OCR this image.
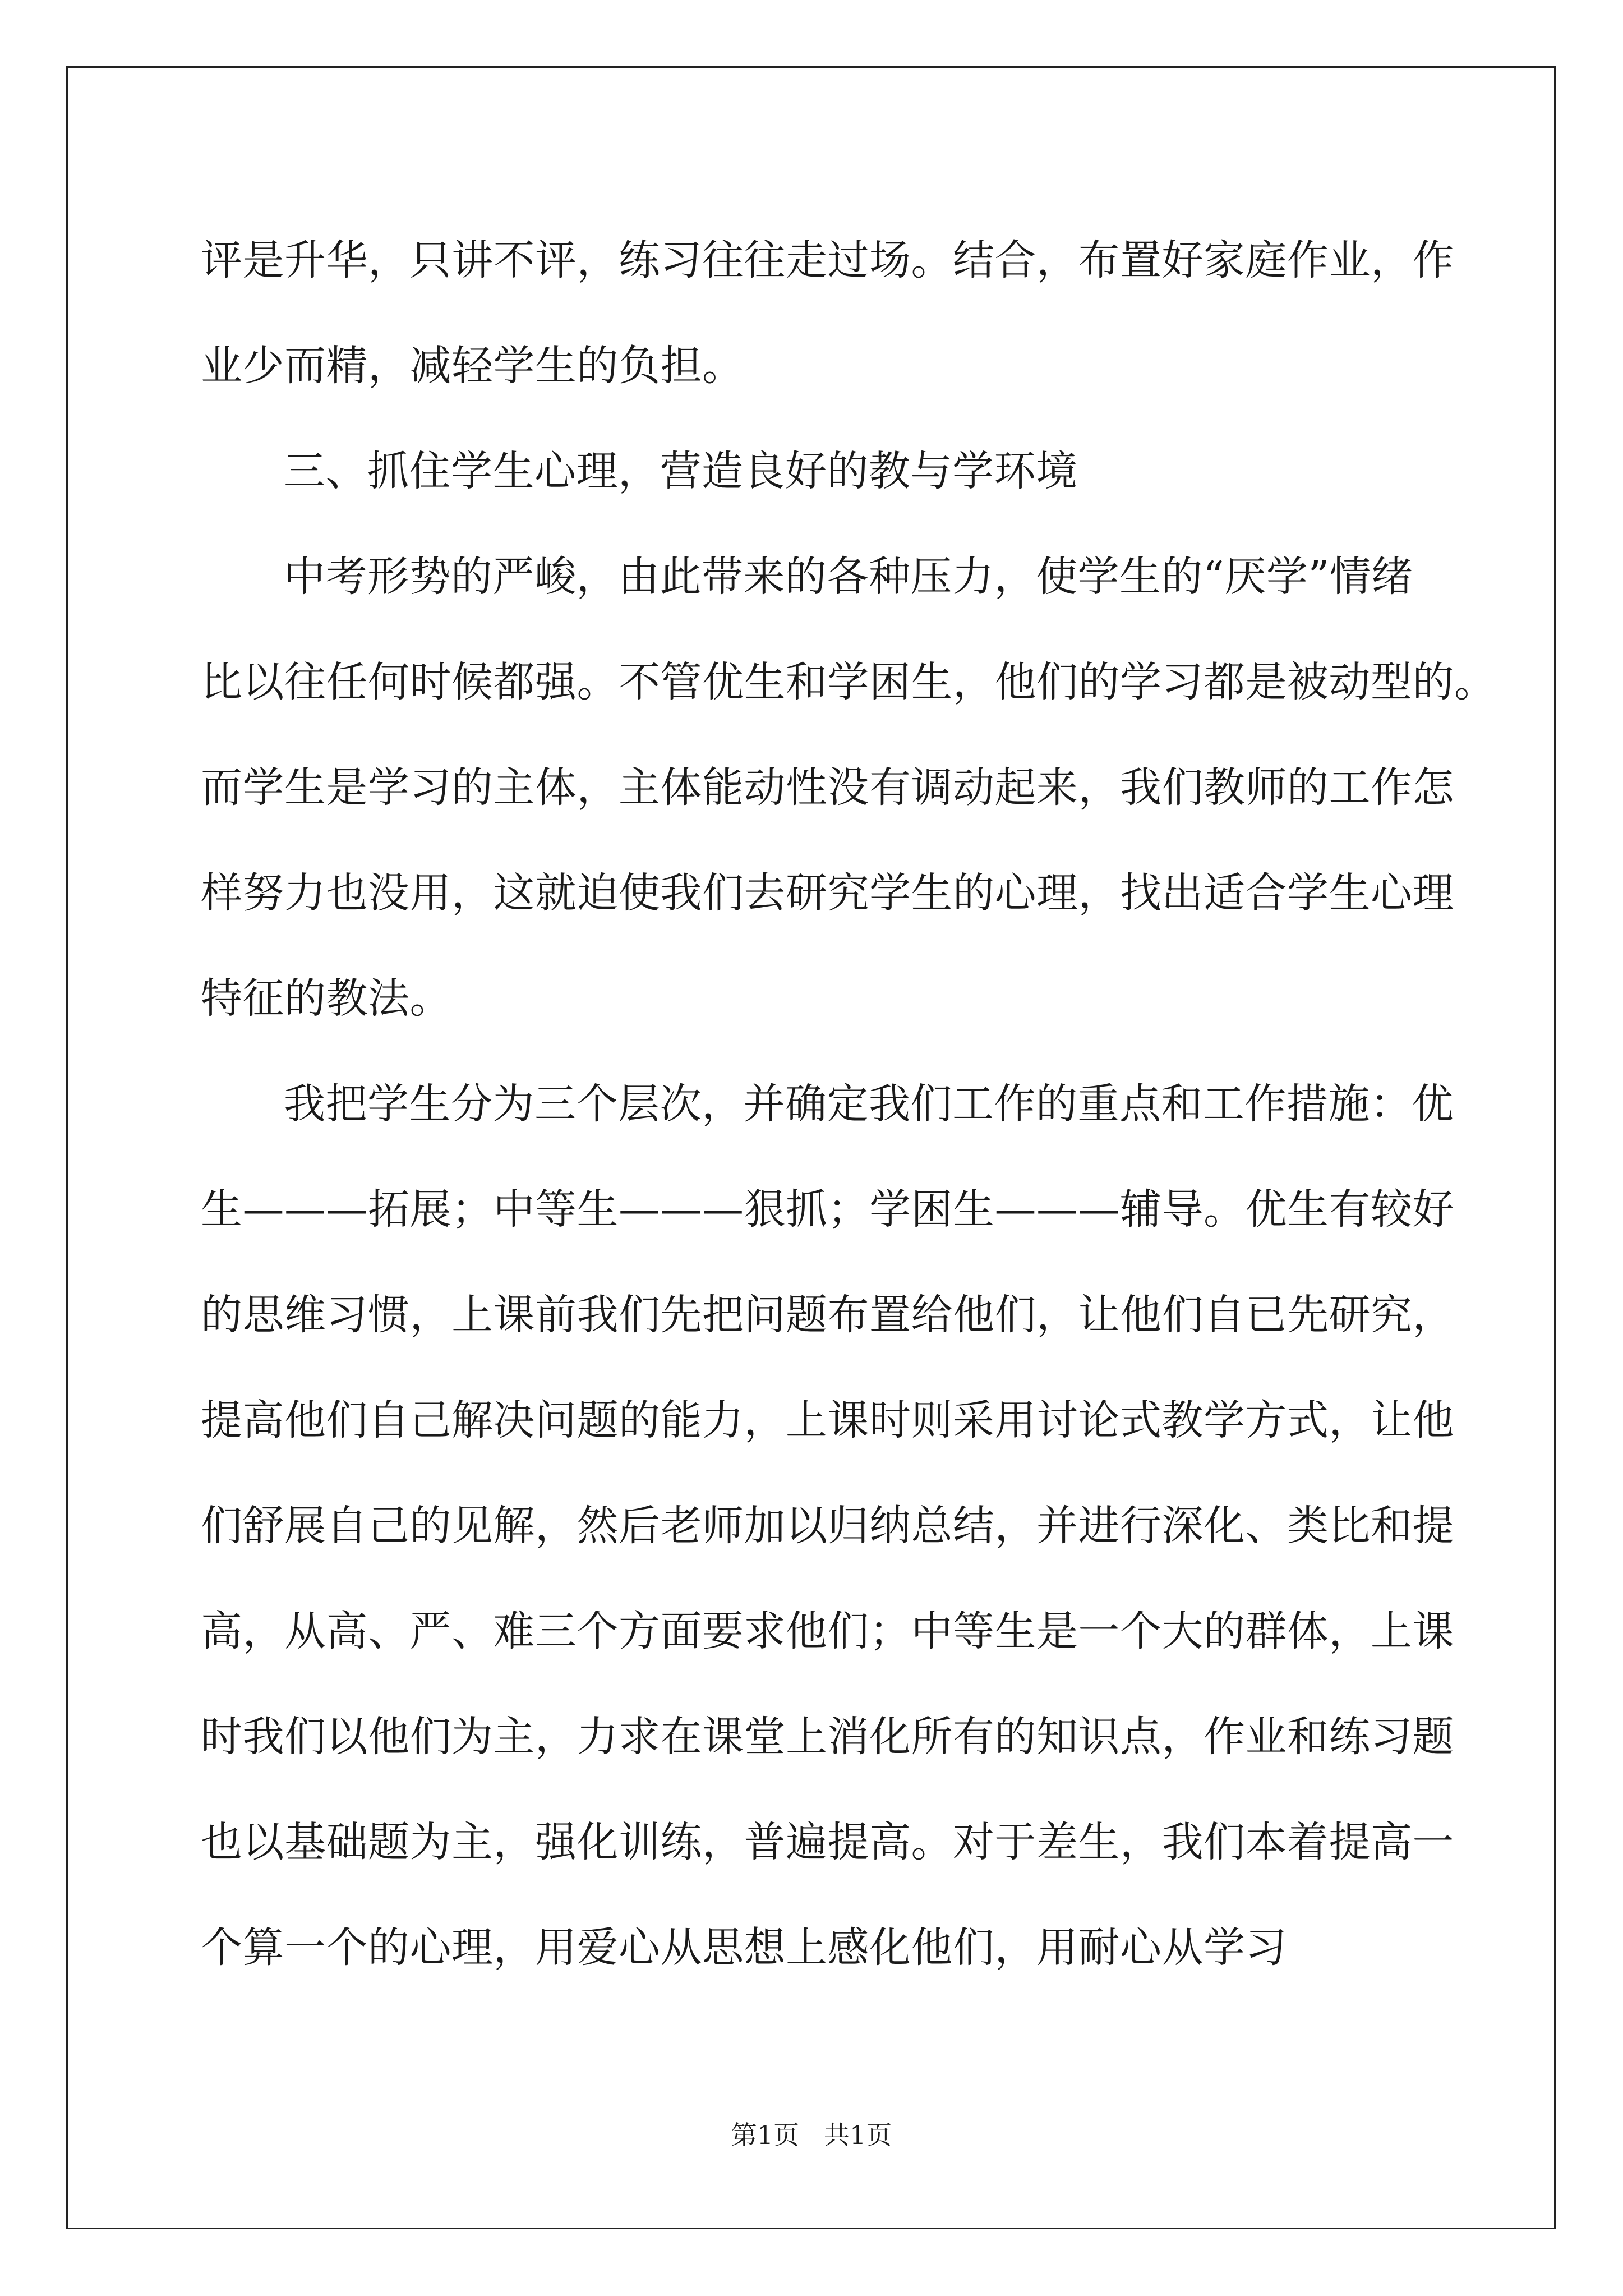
评是升华，只讲不评，练习往往走过场。结合，布置好家庭作业，作
业少而精，减轻学生的负担。
三、抓住学生心理，营造良好的教与学环境
中考形势的严峻，由此带来的各种压力，使学生的“厌学”情绪
比以往任何时候都强。不管优生和学困生，他们的学习都是被动型的。
而学生是学习的主体，主体能动性没有调动起来，我们教师的工作怎
样努力也没用，这就迫使我们去研究学生的心理，找出适合学生心理
特征的教法。
我把学生分为三个层次，并确定我们工作的重点和工作措施：优
生———拓展；中等生———狠抓；学困生———辅导。优生有较好
的思维习惯，上课前我们先把问题布置给他们，让他们自已先研究，
提高他们自己解决问题的能力，上课时则采用讨论式教学方式，让他
们舒展自己的见解，然后老师加以归纳总结，并进行深化、类比和提
高，从高、严、难三个方面要求他们；中等生是一个大的群体，上课
时我们以他们为主，力求在课堂上消化所有的知识点，作业和练习题
也以基础题为主，强化训练，普遍提高。对于差生，我们本着提高一
个算一个的心理，用爱心从思想上感化他们，用耐心从学习
第1页 共1页
